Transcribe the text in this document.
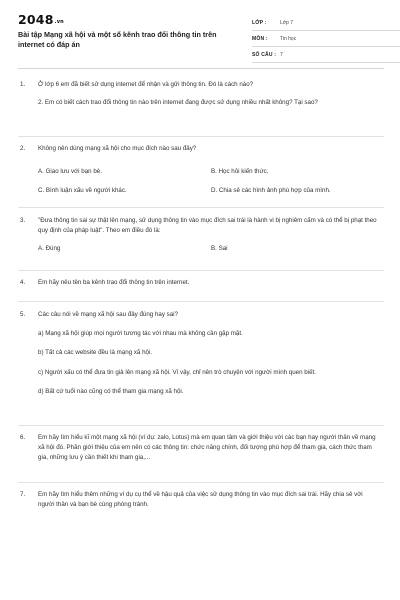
2048.vn
Bài tập Mạng xã hội và một số kênh trao đổi thông tin trên internet có đáp án
LỚP :	Lớp 7
MÔN :	Tin học
SỐ CÂU : 7
1.	Ở lớp 6 em đã biết sử dụng internet để nhận và gửi thông tin. Đó là cách nào?
2. Em có biết cách trao đổi thông tin nào trên internet đang được sử dụng nhiều nhất không? Tại sao?
2.	Không nên dùng mạng xã hội cho mục đích nào sau đây?
A. Giao lưu với bạn bè.	B. Học hỏi kiến thức.
C. Bình luận xấu về người khác.	D. Chia sẻ các hình ảnh phù hợp của mình.
3.	"Đưa thông tin sai sự thật lên mạng, sử dụng thông tin vào mục đích sai trái là hành vi bị nghiêm cấm và có thể bị phạt theo quy định của pháp luật". Theo em điều đó là:
A. Đúng	B. Sai
4.	Em hãy nêu tên ba kênh trao đổi thông tin trên internet.
5.	Các câu nói về mạng xã hội sau đây đúng hay sai?
a) Mạng xã hội giúp mọi người tương tác với nhau mà không cần gặp mặt.
b) Tất cả các website đều là mạng xã hội.
c) Người xấu có thể đưa tin giả lên mạng xã hội. Vì vậy, chỉ nên trò chuyện với người mình quen biết.
d) Bất cứ tuổi nào cũng có thể tham gia mạng xã hội.
6.	Em hãy tìm hiểu kĩ một mạng xã hội (ví dụ: zalo, Lotus) mà em quan tâm và giới thiệu với các bạn hay người thân về mạng xã hội đó. Phần giới thiệu của em nên có các thông tin: chức năng chính, đối tượng phù hợp để tham gia, cách thức tham gia, những lưu ý cần thiết khi tham gia,...
7.	Em hãy tìm hiểu thêm những ví dụ cụ thể về hậu quả của việc sử dụng thông tin vào mục đích sai trái. Hãy chia sẻ với người thân và bạn bè cùng phòng tránh.
